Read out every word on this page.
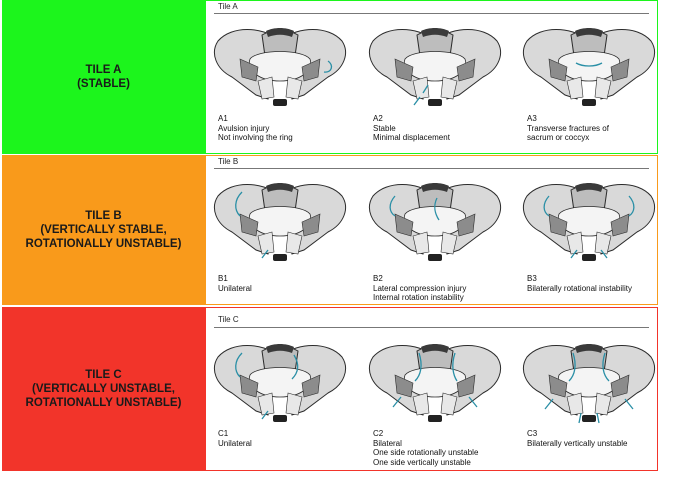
TILE A
(STABLE)
Tile A
A1
Avulsion injury
Not involving the ring
A2
Stable
Minimal displacement
A3
Transverse fractures of
sacrum or coccyx
TILE B
(VERTICALLY STABLE,
ROTATIONALLY UNSTABLE)
Tile B
B1
Unilateral
B2
Lateral compression injury
Internal rotation instability
B3
Bilaterally rotational instability
TILE C
(VERTICALLY UNSTABLE,
ROTATIONALLY UNSTABLE)
Tile C
C1
Unilateral
C2
Bilateral
One side rotationally unstable
One side vertically unstable
C3
Bilaterally vertically unstable
